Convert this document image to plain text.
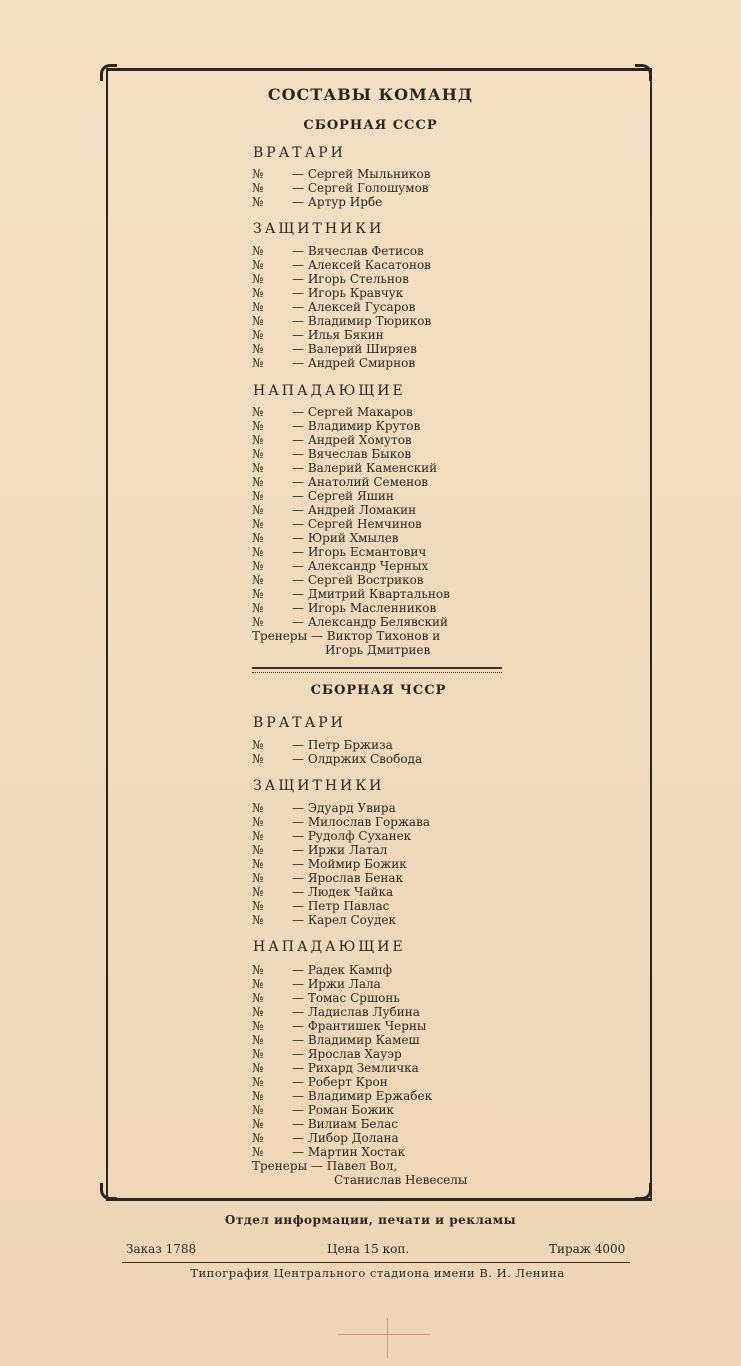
СОСТАВЫ КОМАНД
СБОРНАЯ СССР
ВРАТАРИ
№ — Сергей Мыльников
№ — Сергей Голошумов
№ — Артур Ирбе
ЗАЩИТНИКИ
№ — Вячеслав Фетисов
№ — Алексей Касатонов
№ — Игорь Стельнов
№ — Игорь Кравчук
№ — Алексей Гусаров
№ — Владимир Тюриков
№ — Илья Бякин
№ — Валерий Ширяев
№ — Андрей Смирнов
НАПАДАЮЩИЕ
№ — Сергей Макаров
№ — Владимир Крутов
№ — Андрей Хомутов
№ — Вячеслав Быков
№ — Валерий Каменский
№ — Анатолий Семенов
№ — Сергей Яшин
№ — Андрей Ломакин
№ — Сергей Немчинов
№ — Юрий Хмылев
№ — Игорь Есмантович
№ — Александр Черных
№ — Сергей Востриков
№ — Дмитрий Квартальнов
№ — Игорь Масленников
№ — Александр Белявский
Тренеры — Виктор Тихонов и
Игорь Дмитриев
СБОРНАЯ ЧССР
ВРАТАРИ
№ — Петр Бржиза
№ — Олдржих Свобода
ЗАЩИТНИКИ
№ — Эдуард Увира
№ — Милослав Горжава
№ — Рудолф Суханек
№ — Иржи Латал
№ — Моймир Божик
№ — Ярослав Бенак
№ — Людек Чайка
№ — Петр Павлас
№ — Карел Соудек
НАПАДАЮЩИЕ
№ — Радек Кампф
№ — Иржи Лала
№ — Томас Сршонь
№ — Ладислав Лубина
№ — Франтишек Черны
№ — Владимир Камеш
№ — Ярослав Хауэр
№ — Рихард Земличка
№ — Роберт Крон
№ — Владимир Ержабек
№ — Роман Божик
№ — Вилиам Белас
№ — Либор Долана
№ — Мартин Хостак
Тренеры — Павел Вол,
Станислав Невеселы
Отдел информации, печати и рекламы
Заказ 1788	Цена 15 коп.	Тираж 4000
Типография Центрального стадиона имени В. И. Ленина
